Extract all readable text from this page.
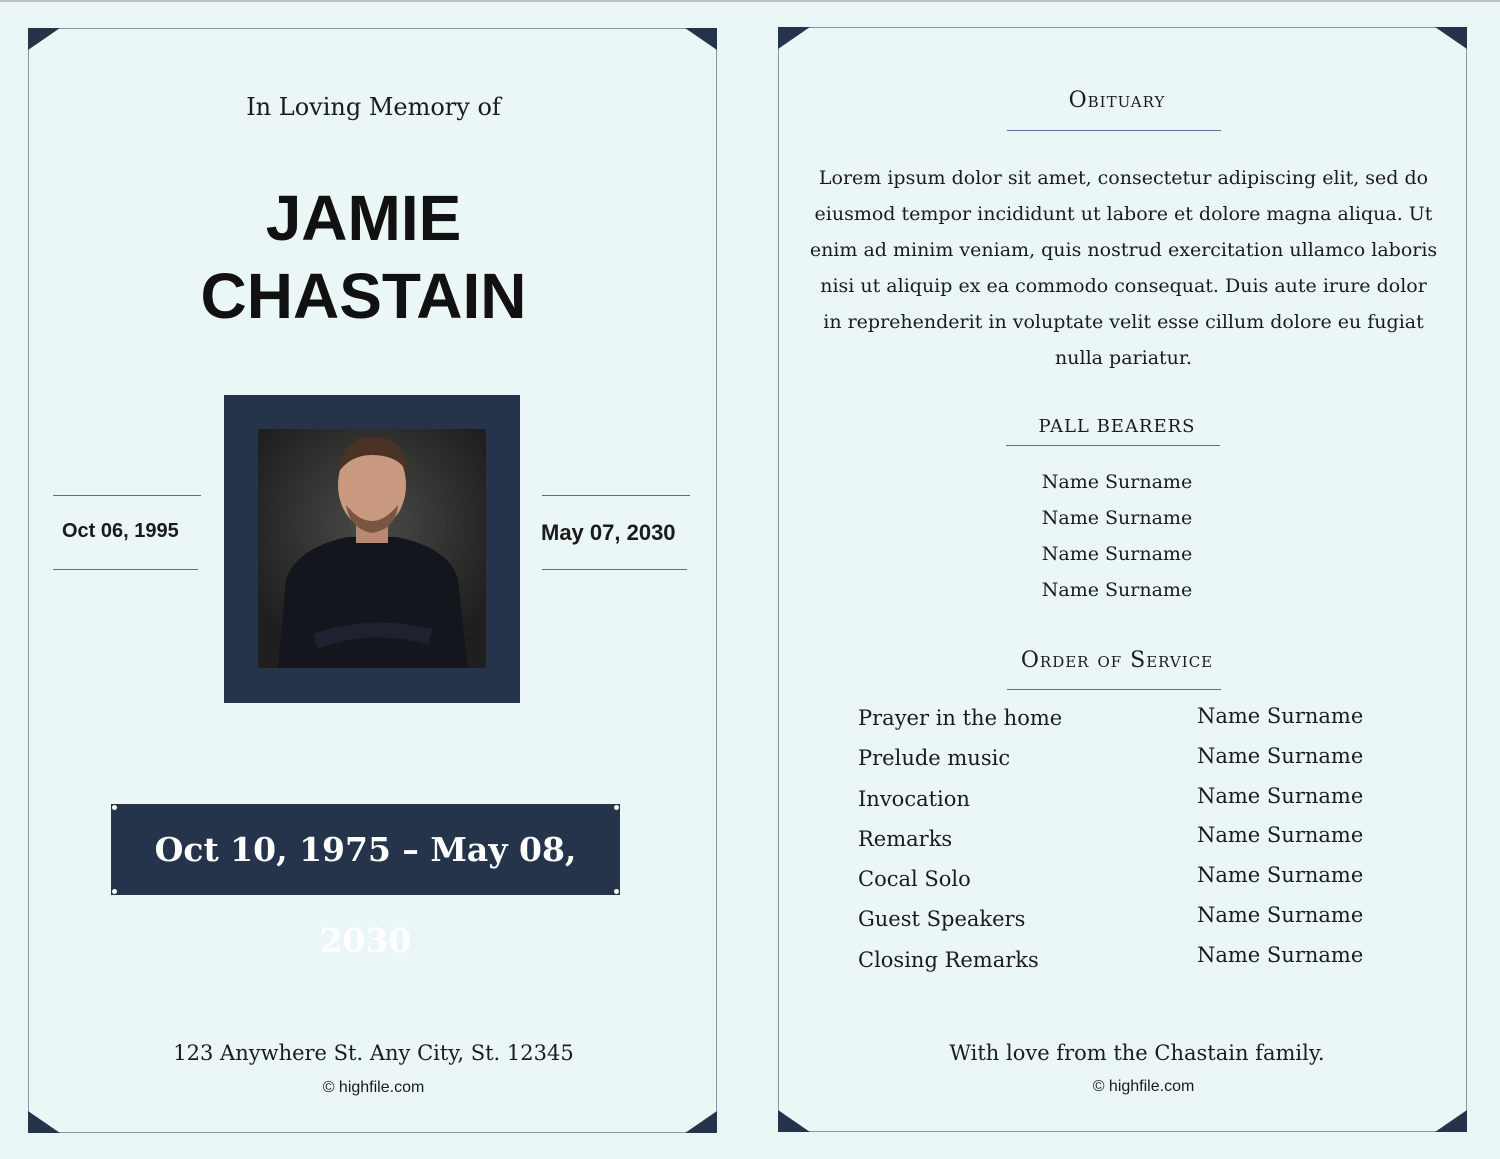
In Loving Memory of
JAMIE
CHASTAIN
Oct 06, 1995	May 07, 2030
Oct 10, 1975 – May 08, 2030
123 Anywhere St. Any City, St. 12345
© highfile.com
Obituary
Lorem ipsum dolor sit amet, consectetur adipiscing elit, sed do eiusmod tempor incididunt ut labore et dolore magna aliqua. Ut enim ad minim veniam, quis nostrud exercitation ullamco laboris nisi ut aliquip ex ea commodo consequat. Duis aute irure dolor in reprehenderit in voluptate velit esse cillum dolore eu fugiat nulla pariatur.
PALL BEARERS
Name Surname
Name Surname
Name Surname
Name Surname
Order of Service
Prayer in the home
Prelude music
Invocation
Remarks
Cocal Solo
Guest Speakers
Closing Remarks
Name Surname
Name Surname
Name Surname
Name Surname
Name Surname
Name Surname
Name Surname
With love from the Chastain family.
© highfile.com
